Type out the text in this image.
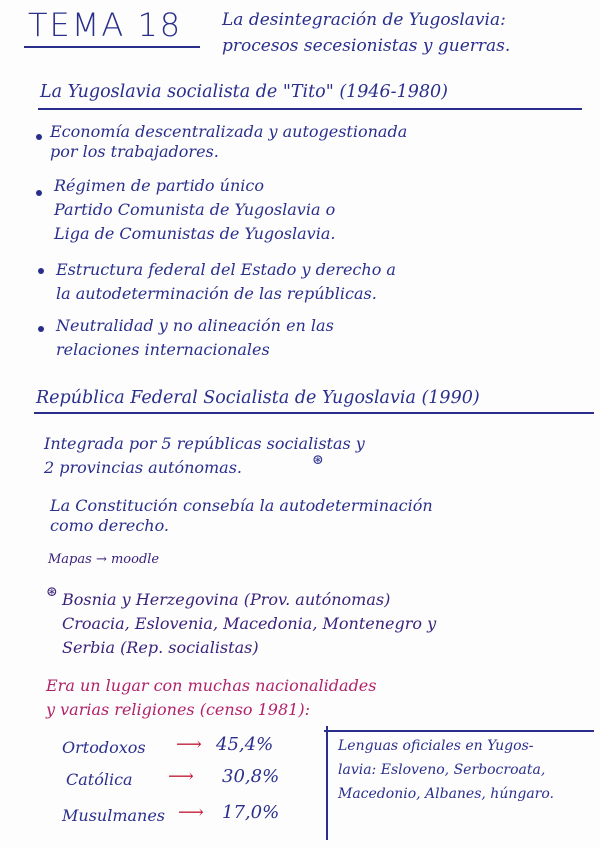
TEMA 18 La desintegración de Yugoslavia:
procesos secesionistas y guerras.
La Yugoslavia socialista de "Tito" (1946-1980)
Economía descentralizada y autogestionada
por los trabajadores.
Régimen de partido único
Partido Comunista de Yugoslavia o
Liga de Comunistas de Yugoslavia.
Estructura federal del Estado y derecho a
la autodeterminación de las repúblicas.
Neutralidad y no alineación en las
relaciones internacionales
República Federal Socialista de Yugoslavia (1990)
Integrada por 5 repúblicas socialistas y
2 provincias autónomas.	⊛
La Constitución consebía la autodeterminación
como derecho.
Mapas → moodle
⊛ Bosnia y Herzegovina (Prov. autónomas)
Croacia, Eslovenia, Macedonia, Montenegro y
Serbia (Rep. socialistas)
Era un lugar con muchas nacionalidades
y varias religiones (censo 1981):
Ortodoxos ⟶ 45,4%
Católica ⟶ 30,8%
Musulmanes ⟶ 17,0%
Lenguas oficiales en Yugos-
lavia: Esloveno, Serbocroata,
Macedonio, Albanes, húngaro.
